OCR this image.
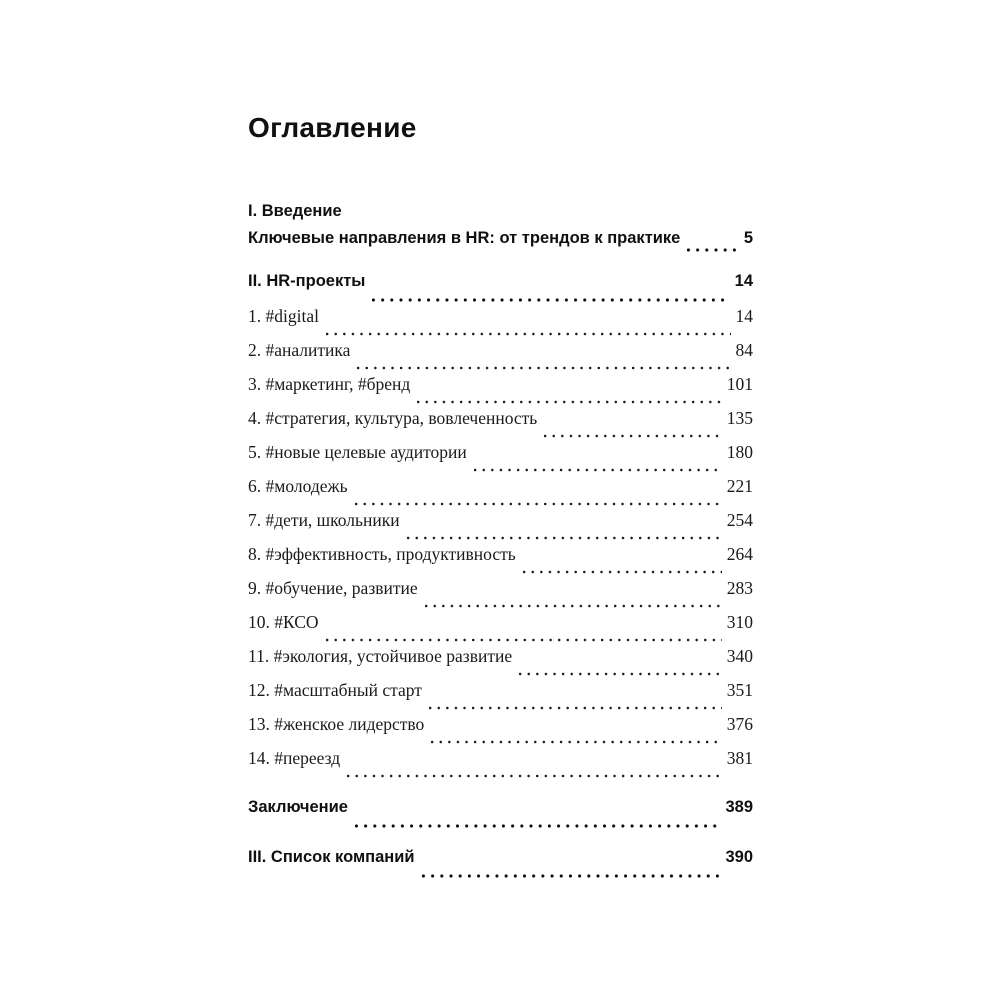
Оглавление
I. Введение
Ключевые направления в HR: от трендов к практике	5
II. HR-проекты	14
1. #digital	14
2. #аналитика	84
3. #маркетинг, #бренд	101
4. #стратегия, культура, вовлеченность	135
5. #новые целевые аудитории	180
6. #молодежь	221
7. #дети, школьники	254
8. #эффективность, продуктивность	264
9. #обучение, развитие	283
10. #КСО	310
11. #экология, устойчивое развитие	340
12. #масштабный старт	351
13. #женское лидерство	376
14. #переезд	381
Заключение	389
III. Список компаний	390
